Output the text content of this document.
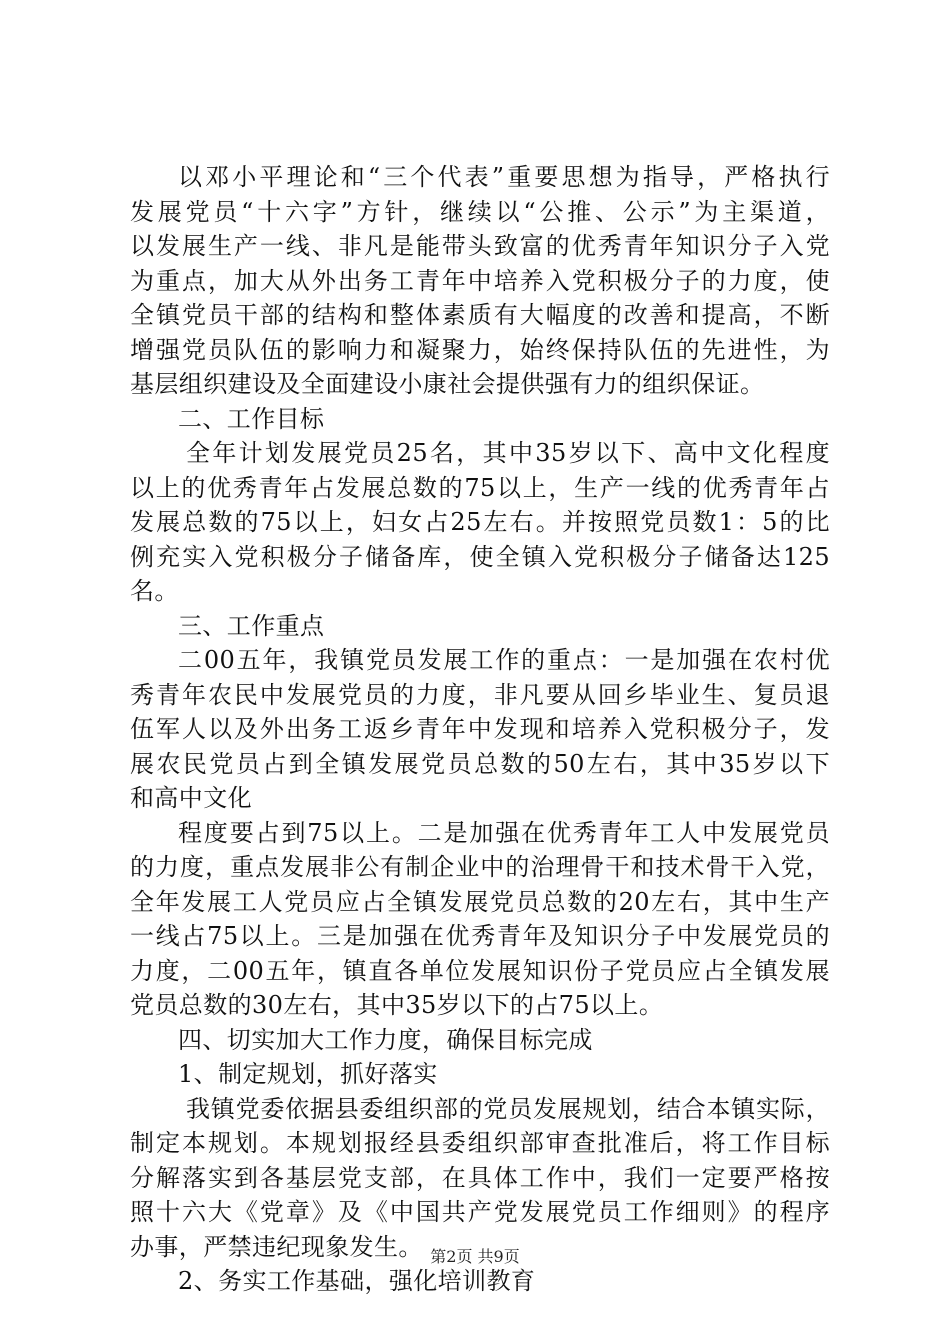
以邓小平理论和“三个代表”重要思想为指导，严格执行
发展党员“十六字”方针，继续以“公推、公示”为主渠道，
以发展生产一线、非凡是能带头致富的优秀青年知识分子入党
为重点，加大从外出务工青年中培养入党积极分子的力度，使
全镇党员干部的结构和整体素质有大幅度的改善和提高，不断
增强党员队伍的影响力和凝聚力，始终保持队伍的先进性，为
基层组织建设及全面建设小康社会提供强有力的组织保证。
二、工作目标
全年计划发展党员25名，其中35岁以下、高中文化程度
以上的优秀青年占发展总数的75以上，生产一线的优秀青年占
发展总数的75以上，妇女占25左右。并按照党员数1：5的比
例充实入党积极分子储备库，使全镇入党积极分子储备达125
名。
三、工作重点
二00五年，我镇党员发展工作的重点：一是加强在农村优
秀青年农民中发展党员的力度，非凡要从回乡毕业生、复员退
伍军人以及外出务工返乡青年中发现和培养入党积极分子，发
展农民党员占到全镇发展党员总数的50左右，其中35岁以下
和高中文化
程度要占到75以上。二是加强在优秀青年工人中发展党员
的力度，重点发展非公有制企业中的治理骨干和技术骨干入党，
全年发展工人党员应占全镇发展党员总数的20左右，其中生产
一线占75以上。三是加强在优秀青年及知识分子中发展党员的
力度，二00五年，镇直各单位发展知识份子党员应占全镇发展
党员总数的30左右，其中35岁以下的占75以上。
四、切实加大工作力度，确保目标完成
1、制定规划，抓好落实
我镇党委依据县委组织部的党员发展规划，结合本镇实际，
制定本规划。本规划报经县委组织部审查批准后，将工作目标
分解落实到各基层党支部，在具体工作中，我们一定要严格按
照十六大《党章》及《中国共产党发展党员工作细则》的程序
办事，严禁违纪现象发生。
2、务实工作基础，强化培训教育
第2页 共9页
